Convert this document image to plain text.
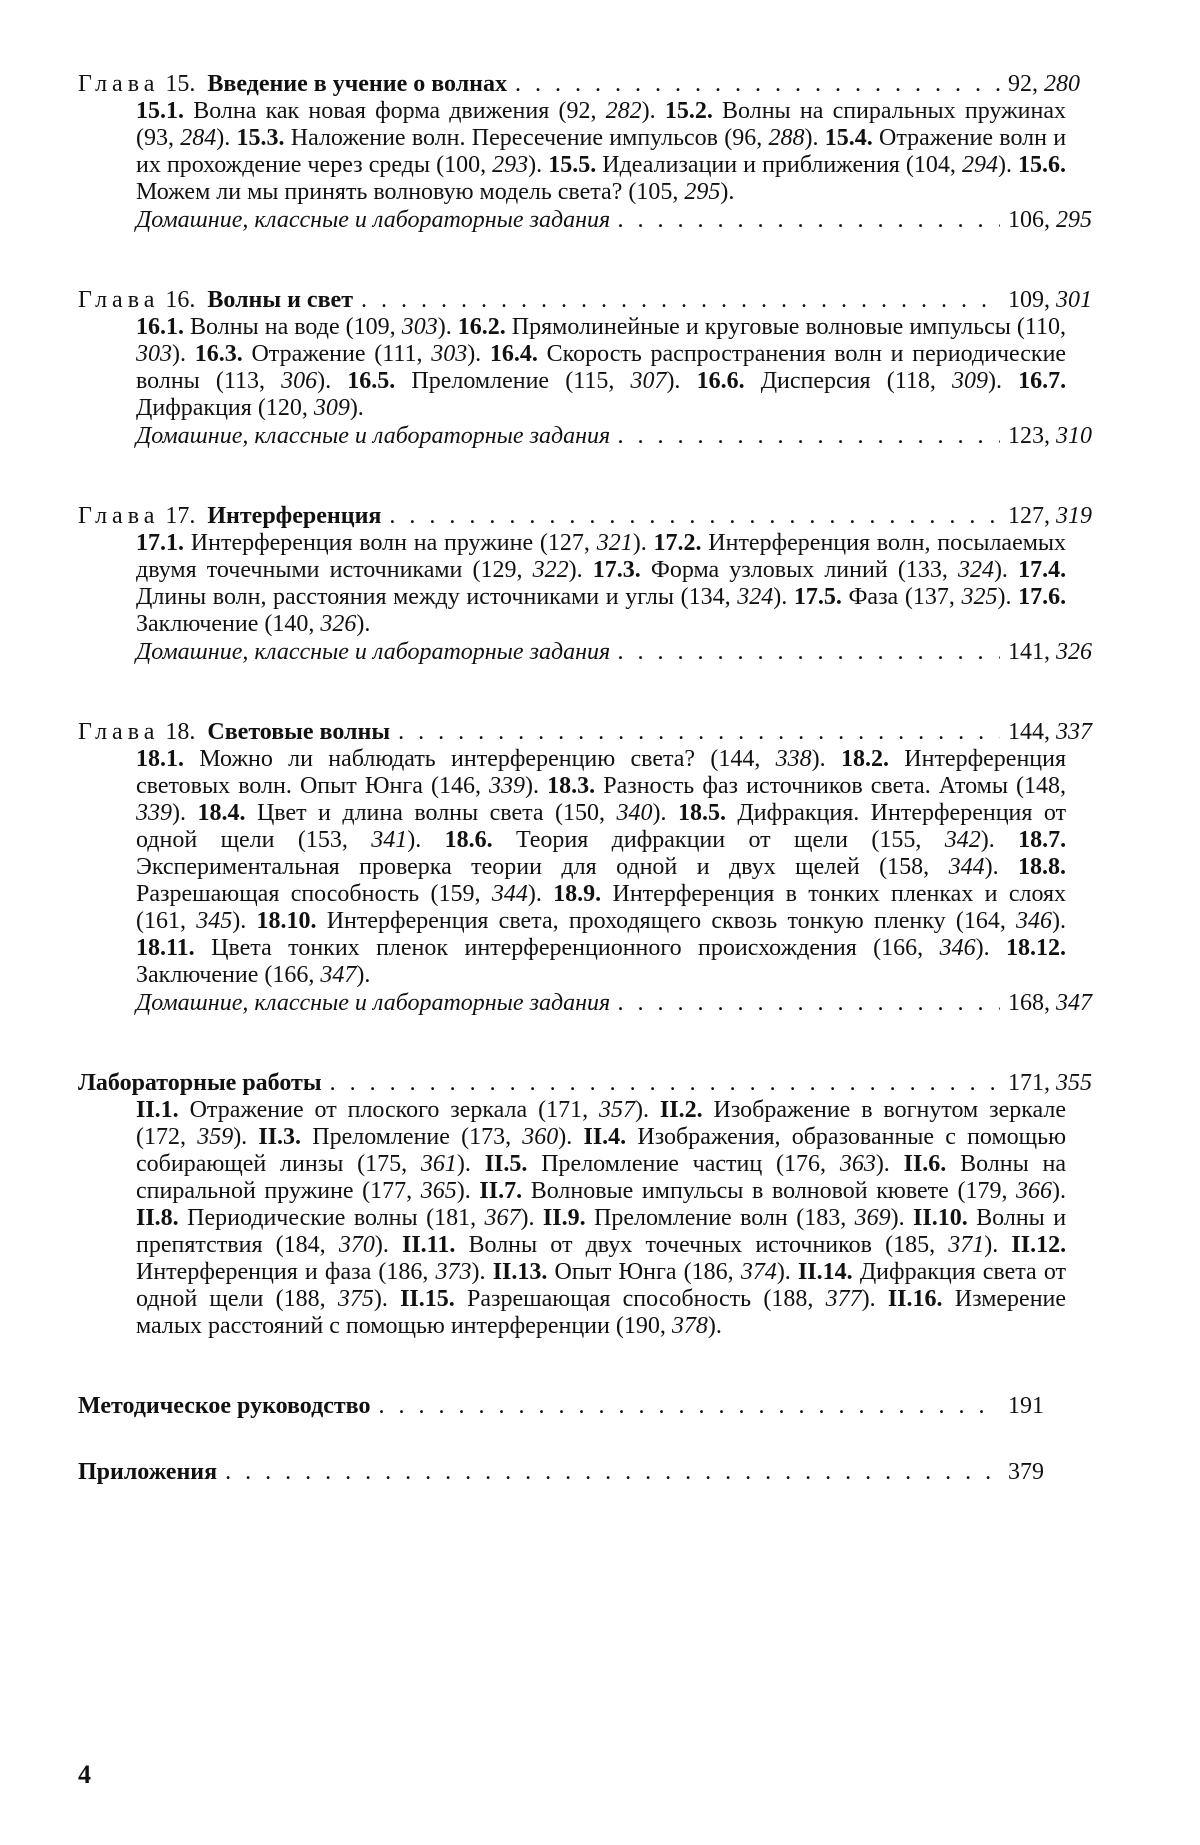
Глава 15. Введение в учение о волнах . . .	92, 280
15.1. Волна как новая форма движения (92, 282). 15.2. Волны на спиральных пружинах (93, 284). 15.3. Наложение волн. Пересечение импульсов (96, 288). 15.4. Отражение волн и их прохождение через среды (100, 293). 15.5. Идеализации и приближения (104, 294). 15.6. Можем ли мы принять волновую модель света? (105, 295).
Домашние, классные и лабораторные задания . . .	106, 295
Глава 16. Волны и свет . . .	109, 301
16.1. Волны на воде (109, 303). 16.2. Прямолинейные и круговые волновые импульсы (110, 303). 16.3. Отражение (111, 303). 16.4. Скорость распространения волн и периодические волны (113, 306). 16.5. Преломление (115, 307). 16.6. Дисперсия (118, 309). 16.7. Дифракция (120, 309).
Домашние, классные и лабораторные задания . . .	123, 310
Глава 17. Интерференция . . .	127, 319
17.1. Интерференция волн на пружине (127, 321). 17.2. Интерференция волн, посылаемых двумя точечными источниками (129, 322). 17.3. Форма узловых линий (133, 324). 17.4. Длины волн, расстояния между источниками и углы (134, 324). 17.5. Фаза (137, 325). 17.6. Заключение (140, 326).
Домашние, классные и лабораторные задания . . .	141, 326
Глава 18. Световые волны . . .	144, 337
18.1. Можно ли наблюдать интерференцию света? (144, 338). 18.2. Интерференция световых волн. Опыт Юнга (146, 339). 18.3. Разность фаз источников света. Атомы (148, 339). 18.4. Цвет и длина волны света (150, 340). 18.5. Дифракция. Интерференция от одной щели (153, 341). 18.6. Теория дифракции от щели (155, 342). 18.7. Экспериментальная проверка теории для одной и двух щелей (158, 344). 18.8. Разрешающая способность (159, 344). 18.9. Интерференция в тонких пленках и слоях (161, 345). 18.10. Интерференция света, проходящего сквозь тонкую пленку (164, 346). 18.11. Цвета тонких пленок интерференционного происхождения (166, 346). 18.12. Заключение (166, 347).
Домашние, классные и лабораторные задания . . .	168, 347
Лабораторные работы . . .	171, 355
II.1. Отражение от плоского зеркала (171, 357). II.2. Изображение в вогнутом зеркале (172, 359). II.3. Преломление (173, 360). II.4. Изображения, образованные с помощью собирающей линзы (175, 361). II.5. Преломление частиц (176, 363). II.6. Волны на спиральной пружине (177, 365). II.7. Волновые импульсы в волновой кювете (179, 366). II.8. Периодические волны (181, 367). II.9. Преломление волн (183, 369). II.10. Волны и препятствия (184, 370). II.11. Волны от двух точечных источников (185, 371). II.12. Интерференция и фаза (186, 373). II.13. Опыт Юнга (186, 374). II.14. Дифракция света от одной щели (188, 375). II.15. Разрешающая способность (188, 377). II.16. Измерение малых расстояний с помощью интерференции (190, 378).
Методическое руководство . . .	191
Приложения . . .	379
4
